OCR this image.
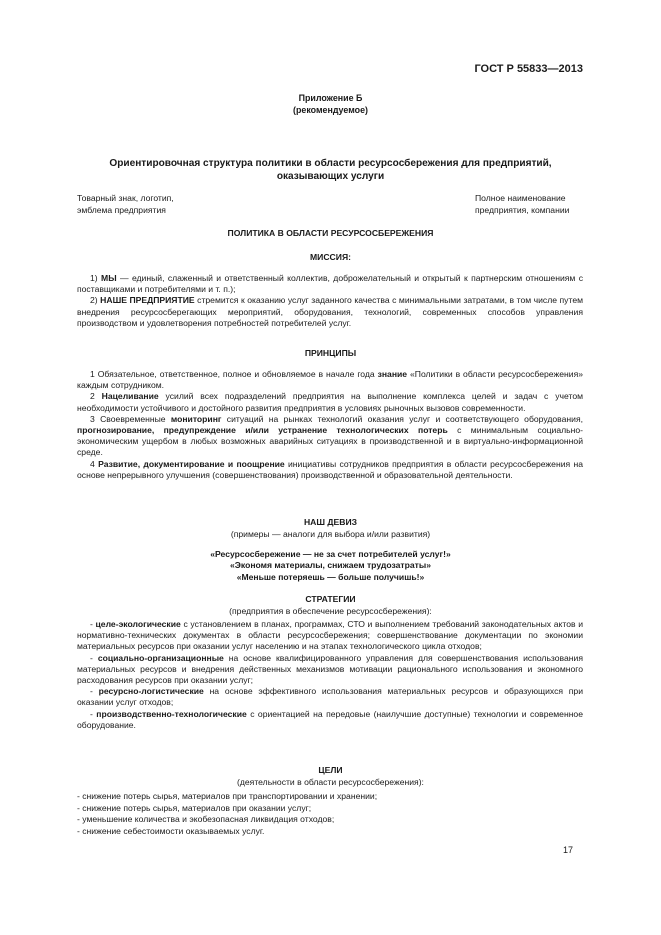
ГОСТ Р 55833—2013
Приложение Б
(рекомендуемое)
Ориентировочная структура политики в области ресурсосбережения для предприятий,
оказывающих услуги
Товарный знак, логотип,
эмблема предприятия
Полное наименование
предприятия, компании
ПОЛИТИКА В ОБЛАСТИ РЕСУРСОСБЕРЕЖЕНИЯ
МИССИЯ:

1) МЫ — единый, слаженный и ответственный коллектив, доброжелательный и открытый к партнерским отношениям с поставщиками и потребителями и т. п.);

2) НАШЕ ПРЕДПРИЯТИЕ стремится к оказанию услуг заданного качества с минимальными затратами, в том числе путем внедрения ресурсосберегающих мероприятий, оборудования, технологий, современных способов управления производством и удовлетворения потребностей потребителей услуг.

ПРИНЦИПЫ

1 Обязательное, ответственное, полное и обновляемое в начале года знание «Политики в области ресурсосбережения» каждым сотрудником.

2 Нацеливание усилий всех подразделений предприятия на выполнение комплекса целей и задач с учетом необходимости устойчивого и достойного развития предприятия в условиях рыночных вызовов современности.

3 Своевременные мониторинг ситуаций на рынках технологий оказания услуг и соответствующего оборудования, прогнозирование, предупреждение и/или устранение технологических потерь с минимальным социально-экономическим ущербом в любых возможных аварийных ситуациях в производственной и в виртуально-информационной среде.

4 Развитие, документирование и поощрение инициативы сотрудников предприятия в области ресурсосбережения на основе непрерывного улучшения (совершенствования) производственной и образовательной деятельности.

НАШ ДЕВИЗ
(примеры — аналоги для выбора и/или развития)
«Ресурсосбережение — не за счет потребителей услуг!»
«Экономя материалы, снижаем трудозатраты»
«Меньше потеряешь — больше получишь!»
СТРАТЕГИИ
(предприятия в обеспечение ресурсосбережения):

- целе-экологические с установлением в планах, программах, СТО и выполнением требований законодательных актов и нормативно-технических документах в области ресурсосбережения; совершенствование документации по экономии материальных ресурсов при оказании услуг населению и на этапах технологического цикла отходов;

- социально-организационные на основе квалифицированного управления для совершенствования использования материальных ресурсов и внедрения действенных механизмов мотивации рационального использования и экономного расходования ресурсов при оказании услуг;

- ресурсно-логистические на основе эффективного использования материальных ресурсов и образующихся при оказании услуг отходов;

- производственно-технологические с ориентацией на передовые (наилучшие доступные) технологии и современное оборудование.

ЦЕЛИ
(деятельности в области ресурсосбережения):
- снижение потерь сырья, материалов при транспортировании и хранении;
- снижение потерь сырья, материалов при оказании услуг;
- уменьшение количества и экобезопасная ликвидация отходов;
- снижение себестоимости оказываемых услуг.
17
